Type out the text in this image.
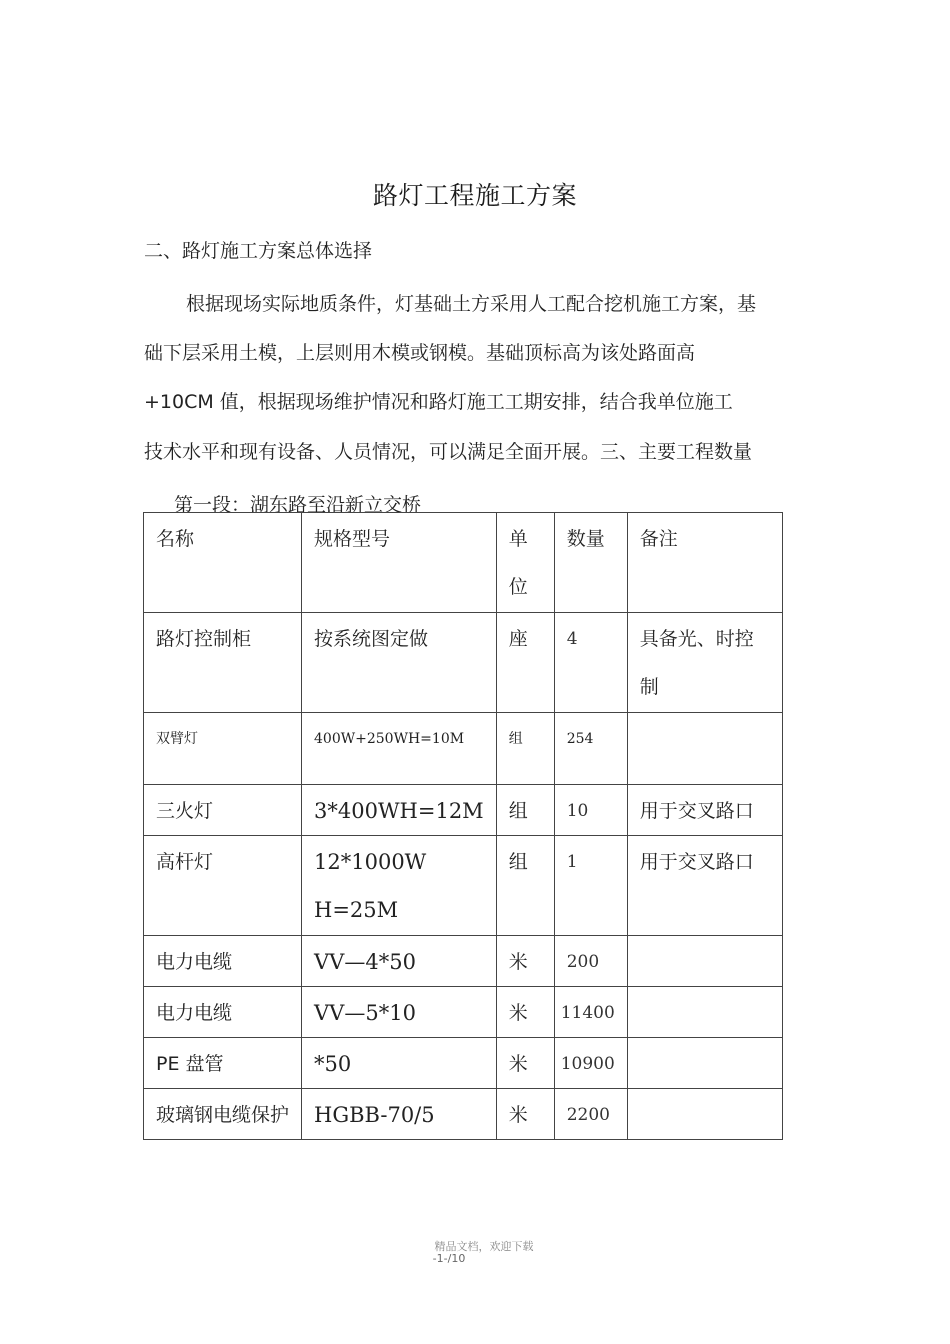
路灯工程施工方案
二、路灯施工方案总体选择
根据现场实际地质条件，灯基础土方采用人工配合挖机施工方案，基
础下层采用土模，上层则用木模或钢模。基础顶标高为该处路面高
+10CM 值，根据现场维护情况和路灯施工工期安排，结合我单位施工
技术水平和现有设备、人员情况，可以满足全面开展。三、主要工程数量
第一段：湖东路至沿新立交桥
名称	规格型号	单位	数量	备注

路灯控制柜	按系统图定做	座	4	具备光、时控制

双臂灯	400W+250WH=10M	组	254	

三火灯	3*400WH=12M	组	10	用于交叉路口

高杆灯	12*1000WH=25M	组	1	用于交叉路口

电力电缆	VV—4*50	米	200	

电力电缆	VV—5*10	米	11400	

PE 盘管	*50	米	10900	

玻璃钢电缆保护	HGBB-70/5	米	2200	

精品文档，欢迎下载
-1-/10
